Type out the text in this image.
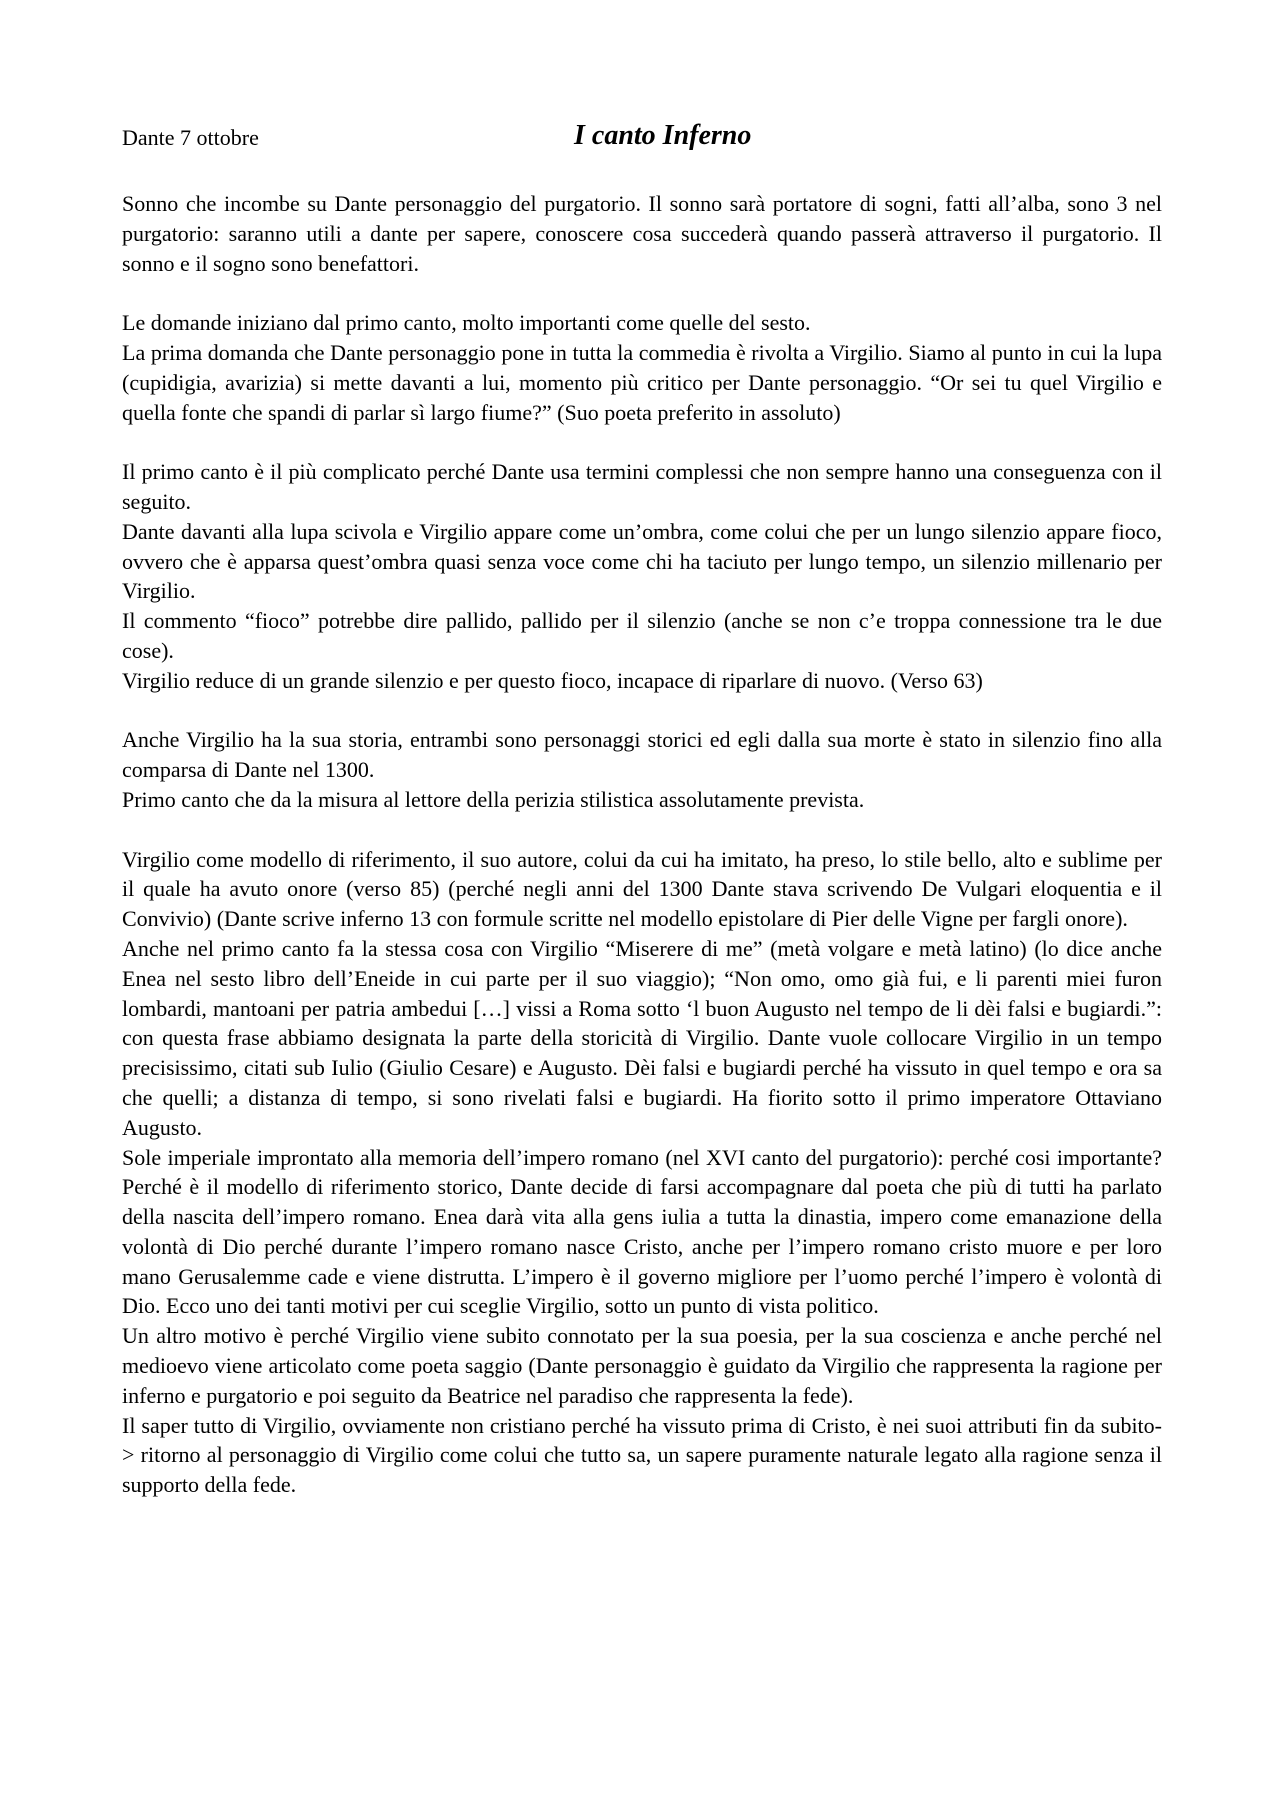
Dante 7 ottobre	I canto Inferno

Sonno che incombe su Dante personaggio del purgatorio. Il sonno sarà portatore di sogni, fatti all’alba, sono 3 nel purgatorio: saranno utili a dante per sapere, conoscere cosa succederà quando passerà attraverso il purgatorio. Il sonno e il sogno sono benefattori.

Le domande iniziano dal primo canto, molto importanti come quelle del sesto.

La prima domanda che Dante personaggio pone in tutta la commedia è rivolta a Virgilio. Siamo al punto in cui la lupa (cupidigia, avarizia) si mette davanti a lui, momento più critico per Dante personaggio. “Or sei tu quel Virgilio e quella fonte che spandi di parlar sì largo fiume?” (Suo poeta preferito in assoluto)

Il primo canto è il più complicato perché Dante usa termini complessi che non sempre hanno una conseguenza con il seguito.

Dante davanti alla lupa scivola e Virgilio appare come un’ombra, come colui che per un lungo silenzio appare fioco, ovvero che è apparsa quest’ombra quasi senza voce come chi ha taciuto per lungo tempo, un silenzio millenario per Virgilio.

Il commento “fioco” potrebbe dire pallido, pallido per il silenzio (anche se non c’e troppa connessione tra le due cose).

Virgilio reduce di un grande silenzio e per questo fioco, incapace di riparlare di nuovo. (Verso 63)

Anche Virgilio ha la sua storia, entrambi sono personaggi storici ed egli dalla sua morte è stato in silenzio fino alla comparsa di Dante nel 1300.

Primo canto che da la misura al lettore della perizia stilistica assolutamente prevista.

Virgilio come modello di riferimento, il suo autore, colui da cui ha imitato, ha preso, lo stile bello, alto e sublime per il quale ha avuto onore (verso 85) (perché negli anni del 1300 Dante stava scrivendo De Vulgari eloquentia e il Convivio) (Dante scrive inferno 13 con formule scritte nel modello epistolare di Pier delle Vigne per fargli onore).

Anche nel primo canto fa la stessa cosa con Virgilio “Miserere di me” (metà volgare e metà latino) (lo dice anche Enea nel sesto libro dell’Eneide in cui parte per il suo viaggio); “Non omo, omo già fui, e li parenti miei furon lombardi, mantoani per patria ambedui […] vissi a Roma sotto ‘l buon Augusto nel tempo de li dèi falsi e bugiardi.”: con questa frase abbiamo designata la parte della storicità di Virgilio. Dante vuole collocare Virgilio in un tempo precisissimo, citati sub Iulio (Giulio Cesare) e Augusto. Dèi falsi e bugiardi perché ha vissuto in quel tempo e ora sa che quelli; a distanza di tempo, si sono rivelati falsi e bugiardi. Ha fiorito sotto il primo imperatore Ottaviano Augusto.

Sole imperiale improntato alla memoria dell’impero romano (nel XVI canto del purgatorio): perché cosi importante? Perché è il modello di riferimento storico, Dante decide di farsi accompagnare dal poeta che più di tutti ha parlato della nascita dell’impero romano. Enea darà vita alla gens iulia a tutta la dinastia, impero come emanazione della volontà di Dio perché durante l’impero romano nasce Cristo, anche per l’impero romano cristo muore e per loro mano Gerusalemme cade e viene distrutta. L’impero è il governo migliore per l’uomo perché l’impero è volontà di Dio. Ecco uno dei tanti motivi per cui sceglie Virgilio, sotto un punto di vista politico.

Un altro motivo è perché Virgilio viene subito connotato per la sua poesia, per la sua coscienza e anche perché nel medioevo viene articolato come poeta saggio (Dante personaggio è guidato da Virgilio che rappresenta la ragione per inferno e purgatorio e poi seguito da Beatrice nel paradiso che rappresenta la fede).

Il saper tutto di Virgilio, ovviamente non cristiano perché ha vissuto prima di Cristo, è nei suoi attributi fin da subito-> ritorno al personaggio di Virgilio come colui che tutto sa, un sapere puramente naturale legato alla ragione senza il supporto della fede.
